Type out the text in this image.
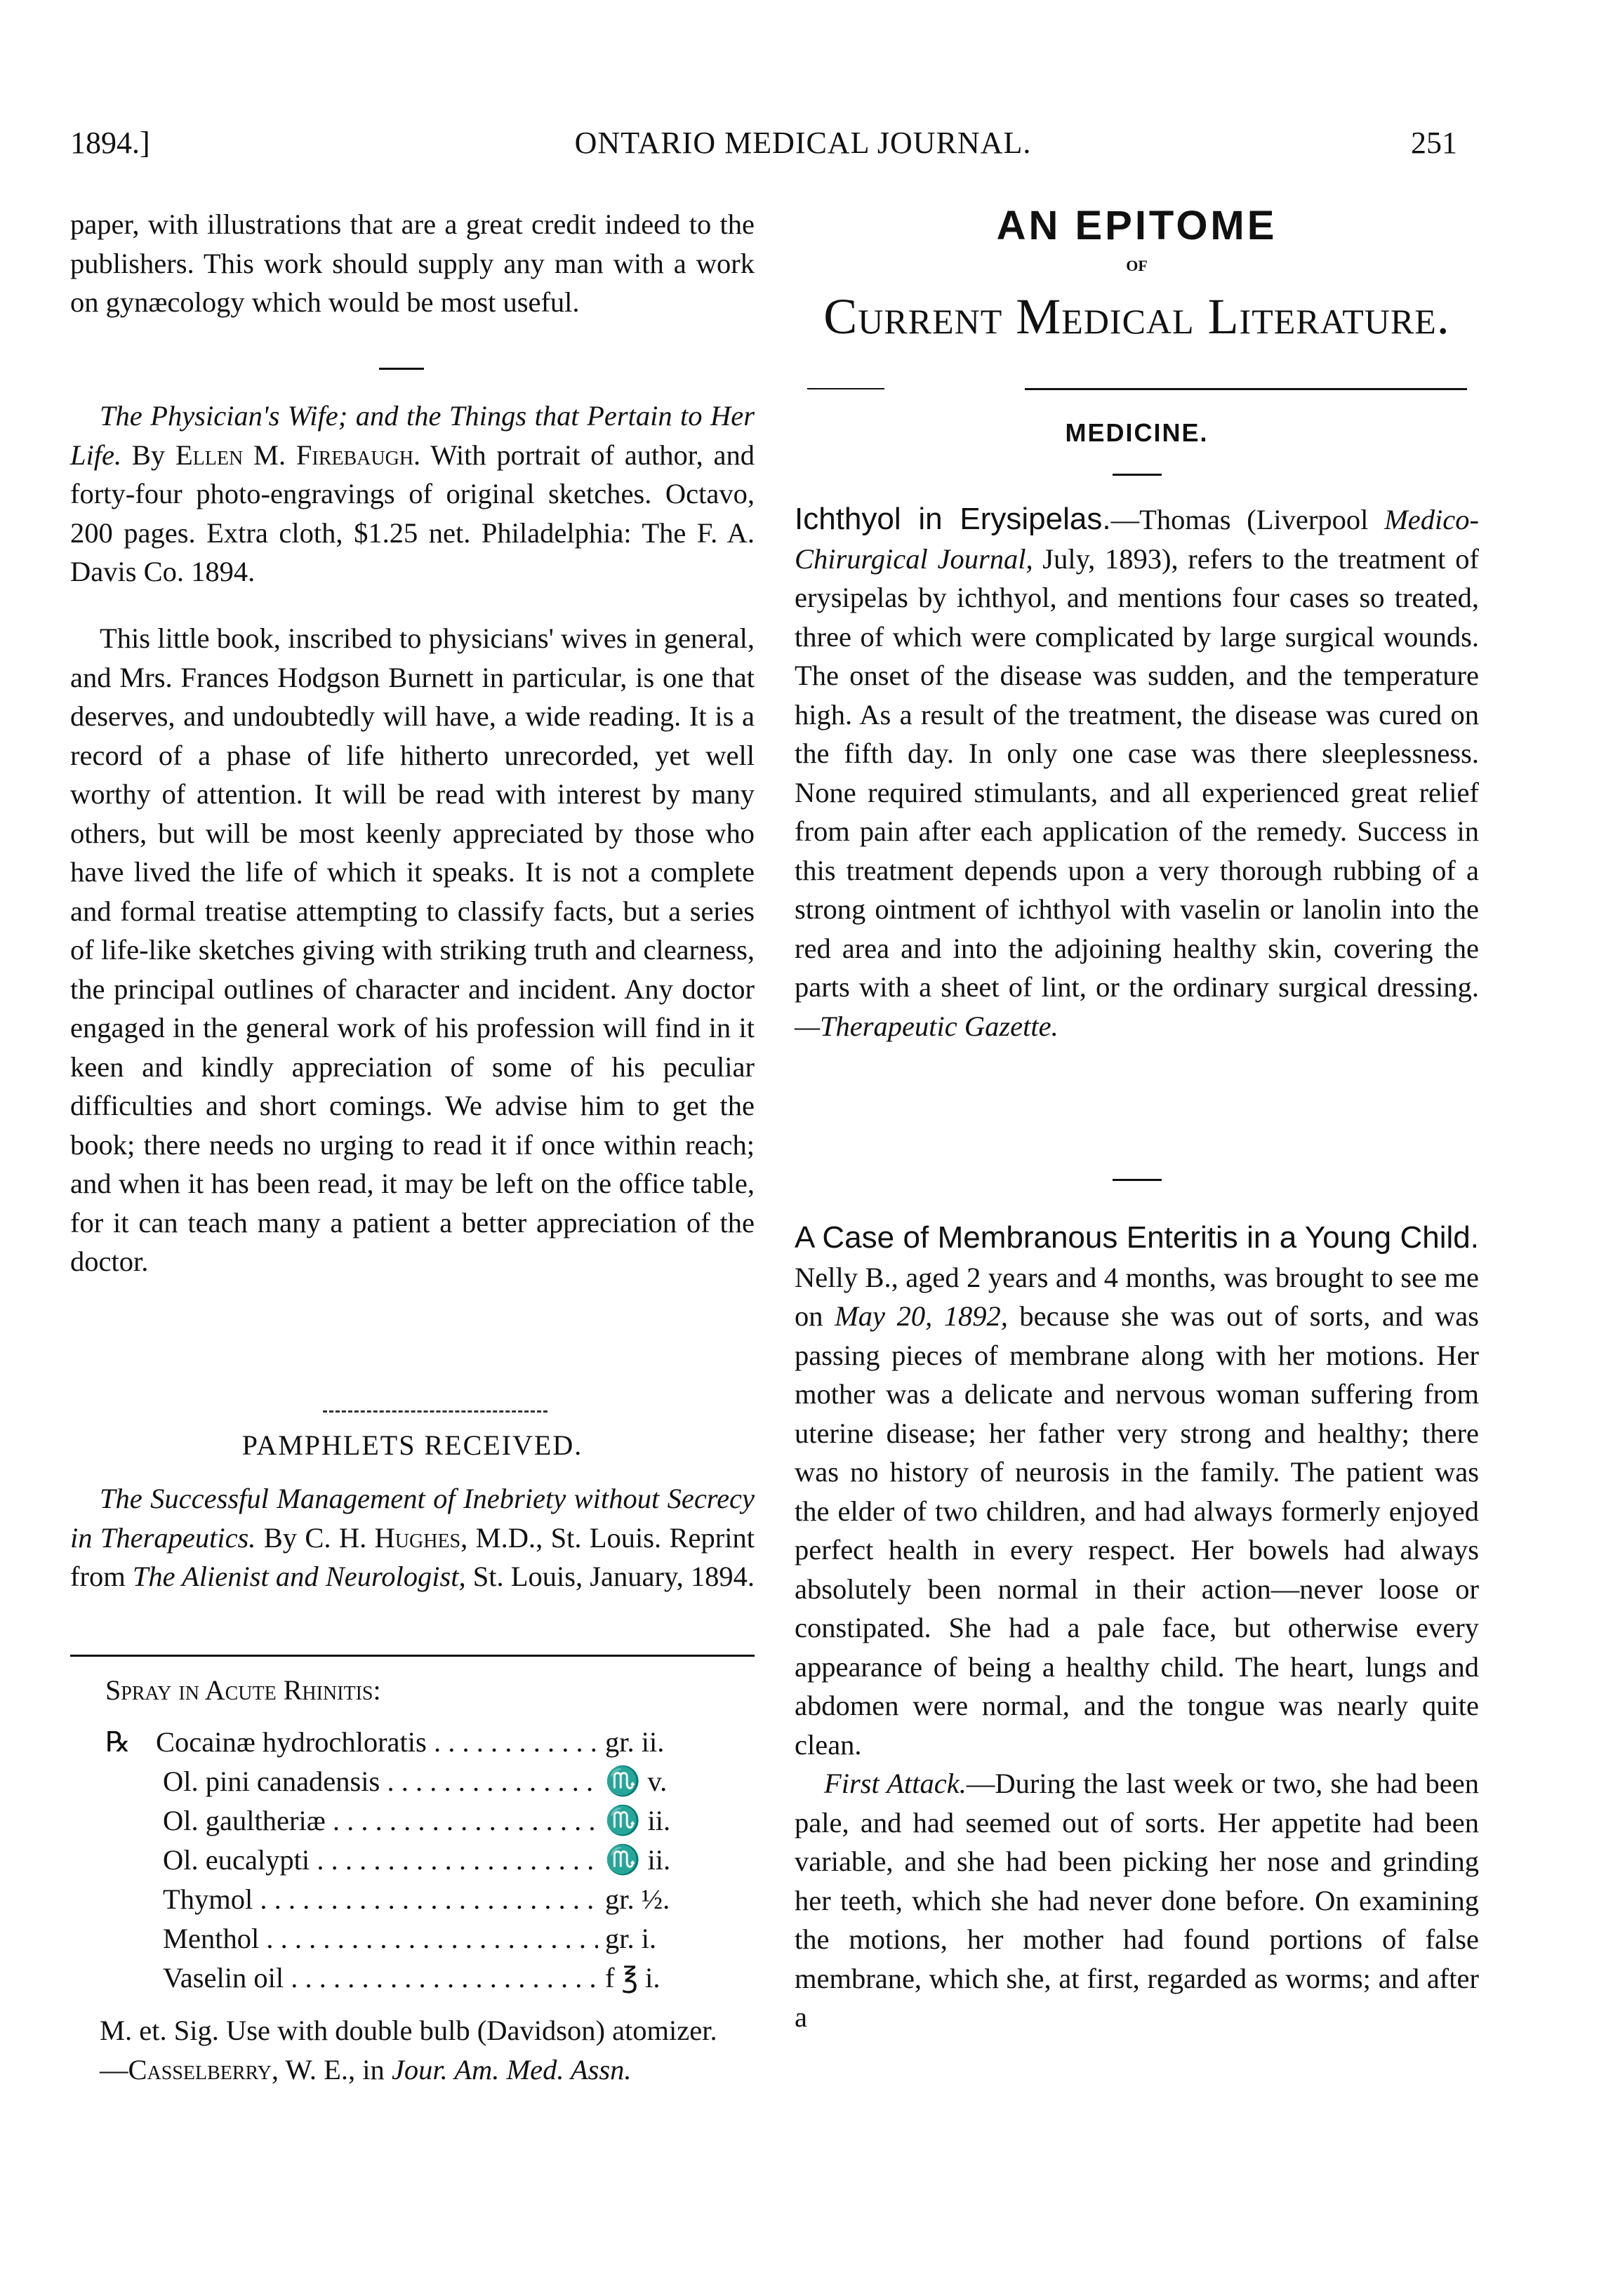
1894.]	ONTARIO MEDICAL JOURNAL.	251

paper, with illustrations that are a great credit indeed to the publishers. This work should supply any man with a work on gynæcology which would be most useful.

The Physician's Wife; and the Things that Pertain to Her Life. By Ellen M. Firebaugh. With portrait of author, and forty-four photo-engravings of original sketches. Octavo, 200 pages. Extra cloth, $1.25 net. Philadelphia: The F. A. Davis Co. 1894.

This little book, inscribed to physicians' wives in general, and Mrs. Frances Hodgson Burnett in particular, is one that deserves, and undoubtedly will have, a wide reading. It is a record of a phase of life hitherto unrecorded, yet well worthy of attention. It will be read with interest by many others, but will be most keenly appreciated by those who have lived the life of which it speaks. It is not a complete and formal treatise attempting to classify facts, but a series of life-like sketches giving with striking truth and clearness, the principal outlines of character and incident. Any doctor engaged in the general work of his profession will find in it keen and kindly appreciation of some of his peculiar difficulties and short comings. We advise him to get the book; there needs no urging to read it if once within reach; and when it has been read, it may be left on the office table, for it can teach many a patient a better appreciation of the doctor.

PAMPHLETS RECEIVED.

The Successful Management of Inebriety without Secrecy in Therapeutics. By C. H. Hughes, M.D., St. Louis. Reprint from The Alienist and Neurologist, St. Louis, January, 1894.

Spray in Acute Rhinitis:
℞ Cocainæ hydrochloratis . . .	gr. ii.
Ol. pini canadensis . . .	♏ v.
Ol. gaultheriæ . . .	♏ ii.
Ol. eucalypti . . .	♏ ii.
Thymol . . .	gr. ½.
Menthol . . .	gr. i.
Vaselin oil . . .	f ℥ i.

M. et. Sig. Use with double bulb (Davidson) atomizer.

—Casselberry, W. E., in Jour. Am. Med. Assn.

AN EPITOME
OF
Current Medical Literature.
MEDICINE.

Ichthyol in Erysipelas.—Thomas (Liverpool Medico-Chirurgical Journal, July, 1893), refers to the treatment of erysipelas by ichthyol, and mentions four cases so treated, three of which were complicated by large surgical wounds. The onset of the disease was sudden, and the temperature high. As a result of the treatment, the disease was cured on the fifth day. In only one case was there sleeplessness. None required stimulants, and all experienced great relief from pain after each application of the remedy. Success in this treatment depends upon a very thorough rubbing of a strong ointment of ichthyol with vaselin or lanolin into the red area and into the adjoining healthy skin, covering the parts with a sheet of lint, or the ordinary surgical dressing. —Therapeutic Gazette.

A Case of Membranous Enteritis in a Young Child. Nelly B., aged 2 years and 4 months, was brought to see me on May 20, 1892, because she was out of sorts, and was passing pieces of membrane along with her motions. Her mother was a delicate and nervous woman suffering from uterine disease; her father very strong and healthy; there was no history of neurosis in the family. The patient was the elder of two children, and had always formerly enjoyed perfect health in every respect. Her bowels had always absolutely been normal in their action—never loose or constipated. She had a pale face, but otherwise every appearance of being a healthy child. The heart, lungs and abdomen were normal, and the tongue was nearly quite clean.

First Attack.—During the last week or two, she had been pale, and had seemed out of sorts. Her appetite had been variable, and she had been picking her nose and grinding her teeth, which she had never done before. On examining the motions, her mother had found portions of false membrane, which she, at first, regarded as worms; and after a
